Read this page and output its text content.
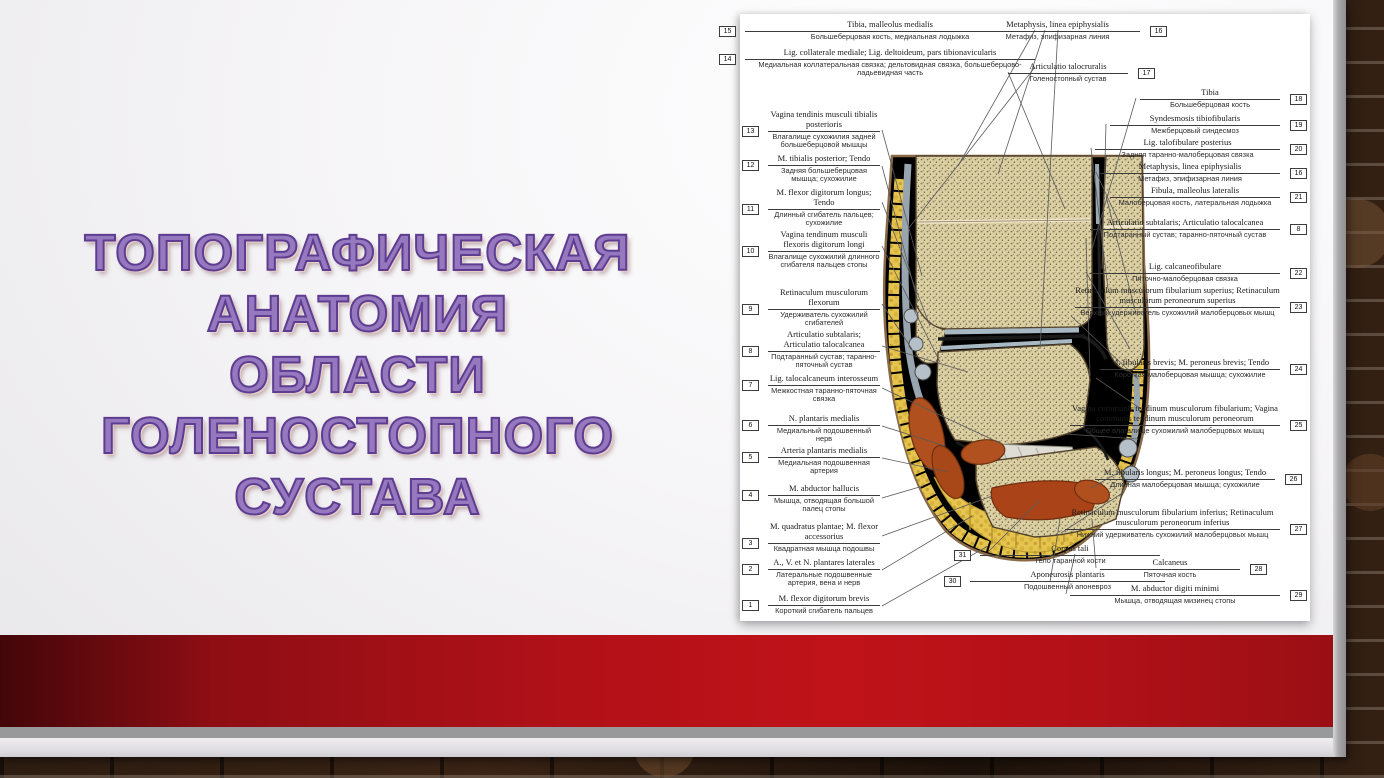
ТОПОГРАФИЧЕСКАЯ
АНАТОМИЯ
ОБЛАСТИ
ГОЛЕНОСТОПНОГО
СУСТАВА
Tibia, malleolus medialis
Большеберцовая кость, медиальная лодыжка
15
Lig. collaterale mediale; Lig. deltoideum, pars tibionavicularis
Медиальная коллатеральная связка; дельтовидная связка, большеберцово-ладьевидная часть
14
Vagina tendinis musculi tibialis posterioris
Влагалище сухожилия задней большеберцовой мышцы
13
M. tibialis posterior; Tendo
Задняя большеберцовая мышца; сухожилие
12
M. flexor digitorum longus; Tendo
Длинный сгибатель пальцев; сухожилие
11
Vagina tendinum musculi flexoris digitorum longi
Влагалище сухожилий длинного сгибателя пальцев стопы
10
Retinaculum musculorum flexorum
Удерживатель сухожилий сгибателей
9
Articulatio subtalaris; Articulatio talocalcanea
Подтаранный сустав; таранно-пяточный сустав
8
Lig. talocalcaneum interosseum
Межкостная таранно-пяточная связка
7
N. plantaris medialis
Медиальный подошвенный нерв
6
Arteria plantaris medialis
Медиальная подошвенная артерия
5
M. abductor hallucis
Мышца, отводящая большой палец стопы
4
M. quadratus plantae; M. flexor accessorius
Квадратная мышца подошвы
3
A., V. et N. plantares laterales
Латеральные подошвенные артерия, вена и нерв
2
M. flexor digitorum brevis
Короткий сгибатель пальцев
1
Metaphysis, linea epiphysialis
Метафиз, эпифизарная линия
16
Articulatio talocruralis
Голеностопный сустав
17
Tibia
Большеберцовая кость
18
Syndesmosis tibiofibularis
Межберцовый синдесмоз
19
Lig. talofibulare posterius
Задняя таранно-малоберцовая связка
20
Metaphysis, linea epiphysialis
Метафиз, эпифизарная линия
16
Fibula, malleolus lateralis
Малоберцовая кость, латеральная лодыжка
21
Articulatio subtalaris; Articulatio talocalcanea
Подтаранный сустав; таранно-пяточный сустав
8
Lig. calcaneofibulare
Пяточно-малоберцовая связка
22
Retinaculum musculorum fibularium superius; Retinaculum musculorum peroneorum superius
Верхний удерживатель сухожилий малоберцовых мышц
23
M. fibularis brevis; M. peroneus brevis; Tendo
Короткая малоберцовая мышца; сухожилие
24
Vagina communis tendinum musculorum fibularium; Vagina communis tendinum musculorum peroneorum
Общее влагалище сухожилий малоберцовых мышц
25
M. fibularis longus; M. peroneus longus; Tendo
Длинная малоберцовая мышца; сухожилие
26
Retinaculum musculorum fibularium inferius; Retinaculum musculorum peroneorum inferius
Нижний удерживатель сухожилий малоберцовых мышц
27
Calcaneus
Пяточная кость
28
M. abductor digiti minimi
Мышца, отводящая мизинец стопы
29
Corpus tali
Тело таранной кости
31
Aponeurosis plantaris
Подошвенный апоневроз
30
